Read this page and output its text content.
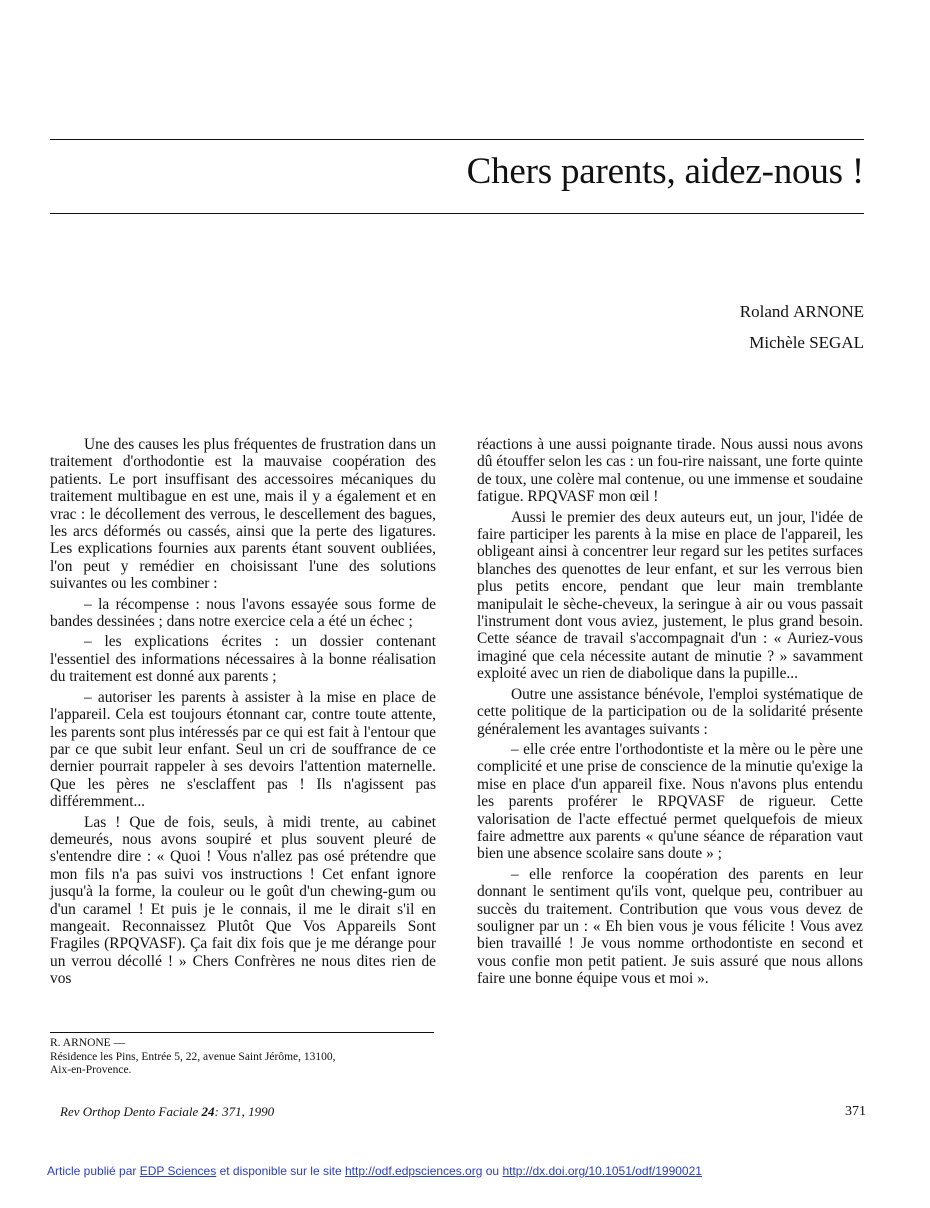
Chers parents, aidez-nous !

Roland ARNONE

Michèle SEGAL

Une des causes les plus fréquentes de frustration dans un traitement d'orthodontie est la mauvaise coopération des patients. Le port insuffisant des accessoires mécaniques du traitement multibague en est une, mais il y a également et en vrac : le décollement des verrous, le descellement des bagues, les arcs déformés ou cassés, ainsi que la perte des ligatures. Les explications fournies aux parents étant souvent oubliées, l'on peut y remédier en choisissant l'une des solutions suivantes ou les combiner :

– la récompense : nous l'avons essayée sous forme de bandes dessinées ; dans notre exercice cela a été un échec ;

– les explications écrites : un dossier contenant l'essentiel des informations nécessaires à la bonne réalisation du traitement est donné aux parents ;

– autoriser les parents à assister à la mise en place de l'appareil. Cela est toujours étonnant car, contre toute attente, les parents sont plus intéressés par ce qui est fait à l'entour que par ce que subit leur enfant. Seul un cri de souffrance de ce dernier pourrait rappeler à ses devoirs l'attention maternelle. Que les pères ne s'esclaffent pas ! Ils n'agissent pas différemment...

Las ! Que de fois, seuls, à midi trente, au cabinet demeurés, nous avons soupiré et plus souvent pleuré de s'entendre dire : « Quoi ! Vous n'allez pas osé prétendre que mon fils n'a pas suivi vos instructions ! Cet enfant ignore jusqu'à la forme, la couleur ou le goût d'un chewing-gum ou d'un caramel ! Et puis je le connais, il me le dirait s'il en mangeait. Reconnaissez Plutôt Que Vos Appareils Sont Fragiles (RPQVASF). Ça fait dix fois que je me dérange pour un verrou décollé ! » Chers Confrères ne nous dites rien de vos

réactions à une aussi poignante tirade. Nous aussi nous avons dû étouffer selon les cas : un fou-rire naissant, une forte quinte de toux, une colère mal contenue, ou une immense et soudaine fatigue. RPQVASF mon œil !

Aussi le premier des deux auteurs eut, un jour, l'idée de faire participer les parents à la mise en place de l'appareil, les obligeant ainsi à concentrer leur regard sur les petites surfaces blanches des quenottes de leur enfant, et sur les verrous bien plus petits encore, pendant que leur main tremblante manipulait le sèche-cheveux, la seringue à air ou vous passait l'instrument dont vous aviez, justement, le plus grand besoin. Cette séance de travail s'accompagnait d'un : « Auriez-vous imaginé que cela nécessite autant de minutie ? » savamment exploité avec un rien de diabolique dans la pupille...

Outre une assistance bénévole, l'emploi systématique de cette politique de la participation ou de la solidarité présente généralement les avantages suivants :

– elle crée entre l'orthodontiste et la mère ou le père une complicité et une prise de conscience de la minutie qu'exige la mise en place d'un appareil fixe. Nous n'avons plus entendu les parents proférer le RPQVASF de rigueur. Cette valorisation de l'acte effectué permet quelquefois de mieux faire admettre aux parents « qu'une séance de réparation vaut bien une absence scolaire sans doute » ;

– elle renforce la coopération des parents en leur donnant le sentiment qu'ils vont, quelque peu, contribuer au succès du traitement. Contribution que vous vous devez de souligner par un : « Eh bien vous je vous félicite ! Vous avez bien travaillé ! Je vous nomme orthodontiste en second et vous confie mon petit patient. Je suis assuré que nous allons faire une bonne équipe vous et moi ».

R. ARNONE —
Résidence les Pins, Entrée 5, 22, avenue Saint Jérôme, 13100,
Aix-en-Provence.
Rev Orthop Dento Faciale 24: 371, 1990	371
Article publié par EDP Sciences et disponible sur le site http://odf.edpsciences.org ou http://dx.doi.org/10.1051/odf/1990021
